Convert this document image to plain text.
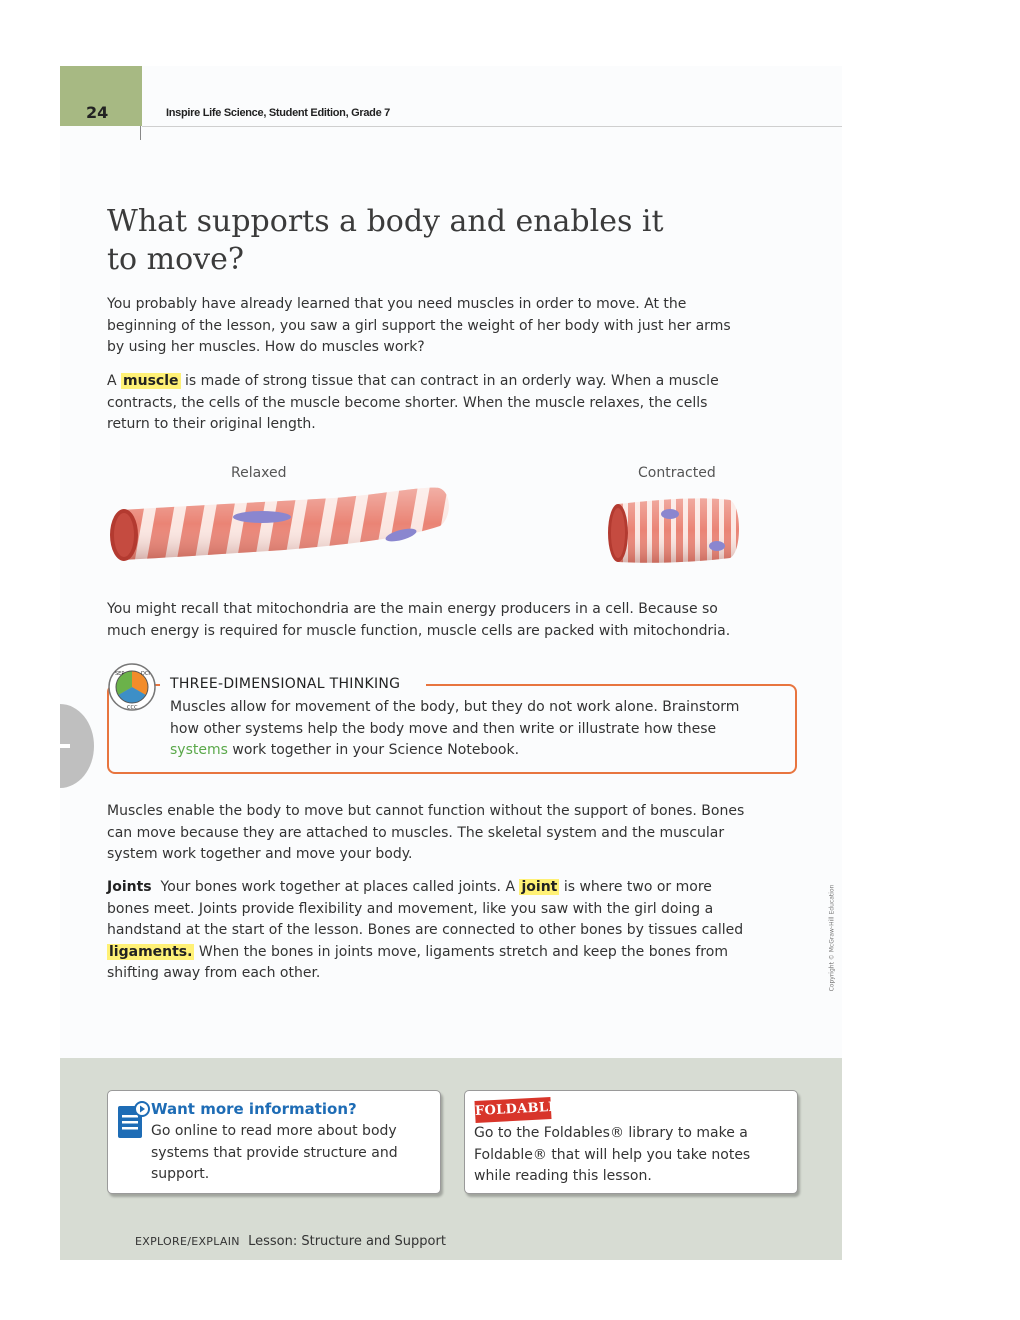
24	Inspire Life Science, Student Edition, Grade 7
What supports a body and enables it to move?

You probably have already learned that you need muscles in order to move. At the beginning of the lesson, you saw a girl support the weight of her body with just her arms by using her muscles. How do muscles work?

A muscle is made of strong tissue that can contract in an orderly way. When a muscle contracts, the cells of the muscle become shorter. When the muscle relaxes, the cells return to their original length.

Relaxed	Contracted

You might recall that mitochondria are the main energy producers in a cell. Because so much energy is required for muscle function, muscle cells are packed with mitochondria.

THREE-DIMENSIONAL THINKING
SEP	DCI
CCC Muscles allow for movement of the body, but they do not work alone. Brainstorm how other systems help the body move and then write or illustrate how these systems work together in your Science Notebook.

Muscles enable the body to move but cannot function without the support of bones. Bones can move because they are attached to muscles. The skeletal system and the muscular system work together and move your body.

Joints Your bones work together at places called joints. A joint is where two or more bones meet. Joints provide flexibility and movement, like you saw with the girl doing a handstand at the start of the lesson. Bones are connected to other bones by tissues called ligaments. When the bones in joints move, ligaments stretch and keep the bones from shifting away from each other.	Copyright © McGraw-Hill Education
Want more information?

Go online to read more about body systems that provide structure and support.

FOLDABLES

Go to the Foldables® library to make a Foldable® that will help you take notes while reading this lesson.

EXPLORE/EXPLAIN Lesson: Structure and Support
